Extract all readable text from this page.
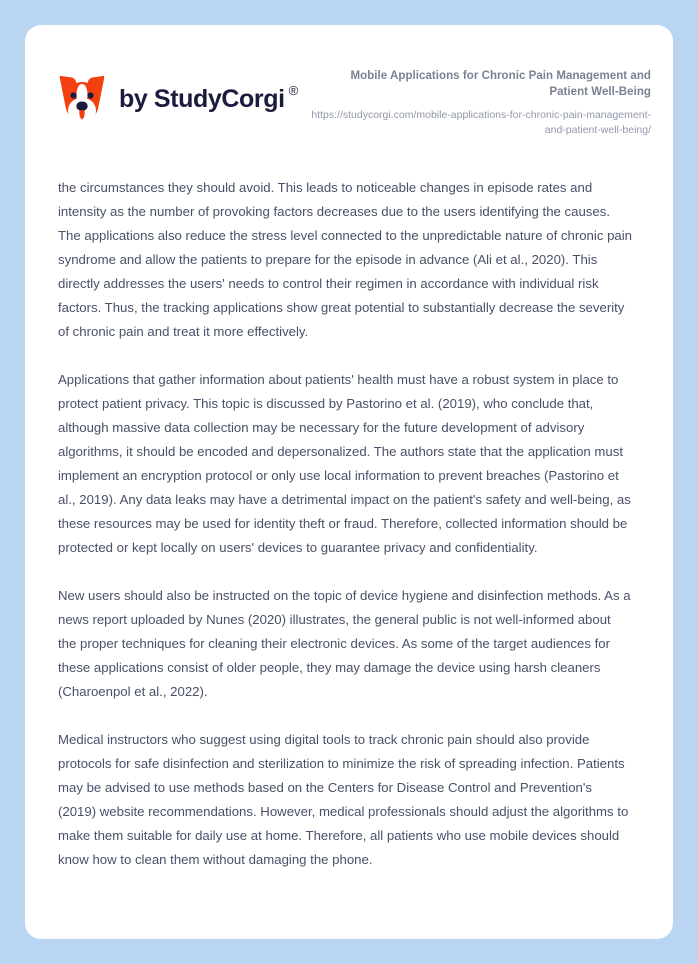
by StudyCorgi ®
Mobile Applications for Chronic Pain Management and Patient Well-Being
https://studycorgi.com/mobile-applications-for-chronic-pain-management-and-patient-well-being/

the circumstances they should avoid. This leads to noticeable changes in episode rates and intensity as the number of provoking factors decreases due to the users identifying the causes. The applications also reduce the stress level connected to the unpredictable nature of chronic pain syndrome and allow the patients to prepare for the episode in advance (Ali et al., 2020). This directly addresses the users' needs to control their regimen in accordance with individual risk factors. Thus, the tracking applications show great potential to substantially decrease the severity of chronic pain and treat it more effectively.

Applications that gather information about patients' health must have a robust system in place to protect patient privacy. This topic is discussed by Pastorino et al. (2019), who conclude that, although massive data collection may be necessary for the future development of advisory algorithms, it should be encoded and depersonalized. The authors state that the application must implement an encryption protocol or only use local information to prevent breaches (Pastorino et al., 2019). Any data leaks may have a detrimental impact on the patient's safety and well-being, as these resources may be used for identity theft or fraud. Therefore, collected information should be protected or kept locally on users' devices to guarantee privacy and confidentiality.

New users should also be instructed on the topic of device hygiene and disinfection methods. As a news report uploaded by Nunes (2020) illustrates, the general public is not well-informed about the proper techniques for cleaning their electronic devices. As some of the target audiences for these applications consist of older people, they may damage the device using harsh cleaners (Charoenpol et al., 2022).

Medical instructors who suggest using digital tools to track chronic pain should also provide protocols for safe disinfection and sterilization to minimize the risk of spreading infection. Patients may be advised to use methods based on the Centers for Disease Control and Prevention's (2019) website recommendations. However, medical professionals should adjust the algorithms to make them suitable for daily use at home. Therefore, all patients who use mobile devices should know how to clean them without damaging the phone.
